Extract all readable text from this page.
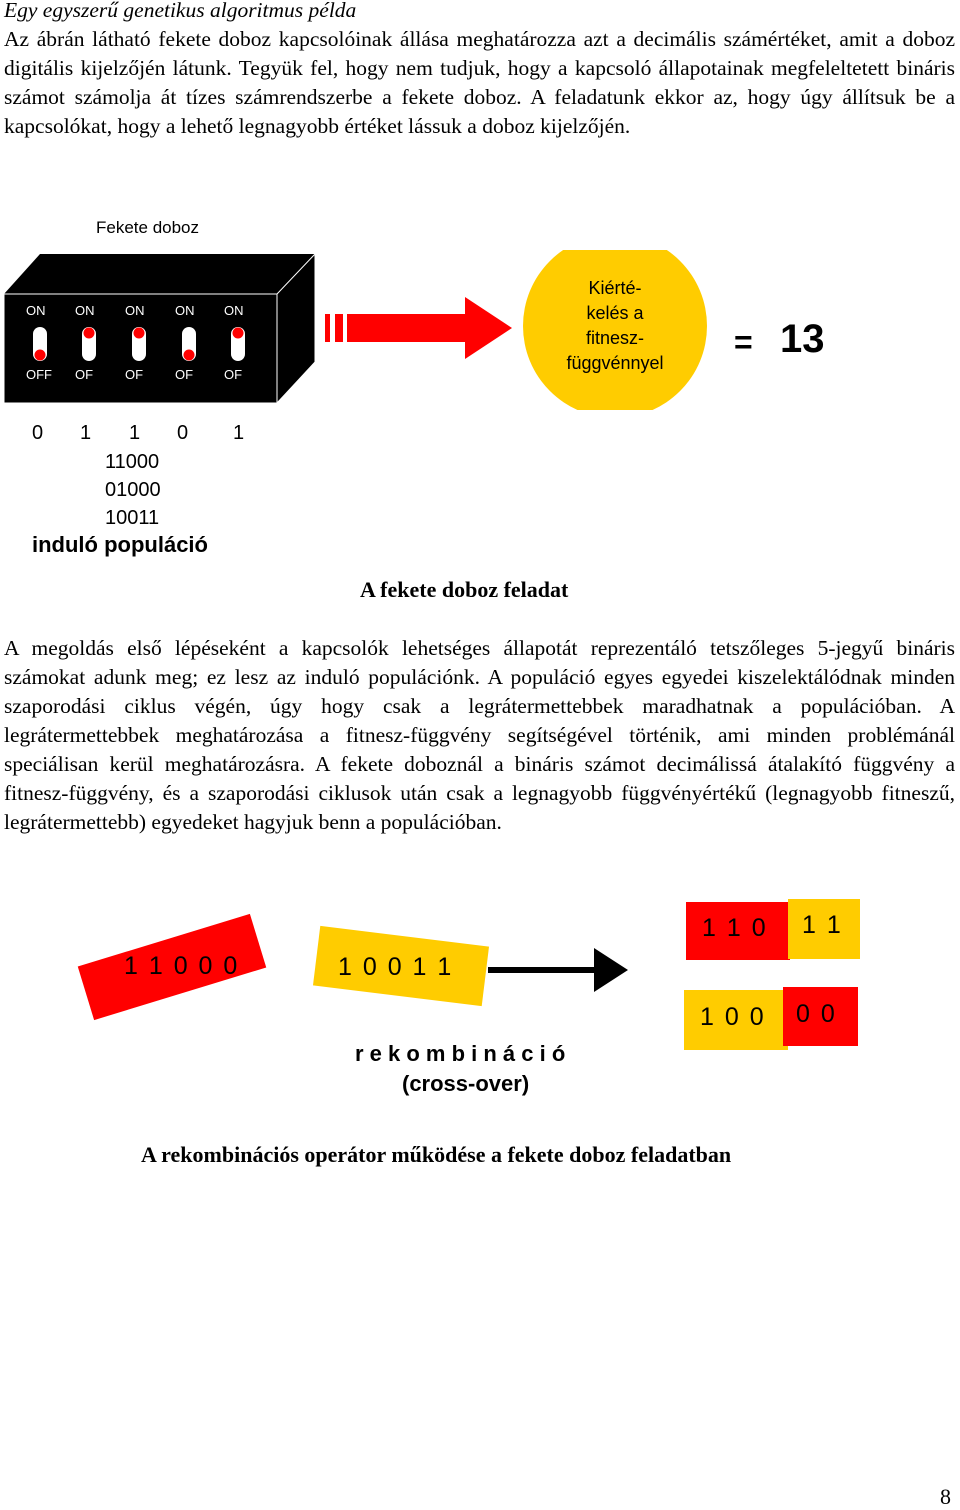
Egy egyszerű genetikus algoritmus példa

Az ábrán látható fekete doboz kapcsolóinak állása meghatározza azt a decimális számértéket, amit a doboz digitális kijelzőjén látunk. Tegyük fel, hogy nem tudjuk, hogy a kapcsoló állapotainak megfeleltetett bináris számot számolja át tízes számrendszerbe a fekete doboz. A feladatunk ekkor az, hogy úgy állítsuk be a kapcsolókat, hogy a lehető legnagyobb értéket lássuk a doboz kijelzőjén.

Fekete doboz
ON
OFF
ON
OF
ON
OF
ON
OF
ON
OF
Kiérté-
kelés a
fitnesz-
függvénnyel
= 13
0 1 1 0 1
11000
01000
10011
induló populáció
A fekete doboz feladat

A megoldás első lépéseként a kapcsolók lehetséges állapotát reprezentáló tetszőleges 5-jegyű bináris számokat adunk meg; ez lesz az induló populációnk. A populáció egyes egyedei kiszelektálódnak minden szaporodási ciklus végén, úgy hogy csak a legrátermettebbek maradhatnak a populációban. A legrátermettebbek meghatározása a fitnesz-függvény segítségével történik, ami minden problémánál speciálisan kerül meghatározásra. A fekete doboznál a bináris számot decimálissá átalakító függvény a fitnesz-függvény, és a szaporodási ciklusok után csak a legnagyobb függvényértékű (legnagyobb fitneszű, legrátermettebb) egyedeket hagyjuk benn a populációban.

1 1 0 0 0	1 0 0 1 1
1 1 0 1 1
1 0 0 0 0
r e k o m b i n á c i ó
(cross-over)
A rekombinációs operátor működése a fekete doboz feladatban
8
